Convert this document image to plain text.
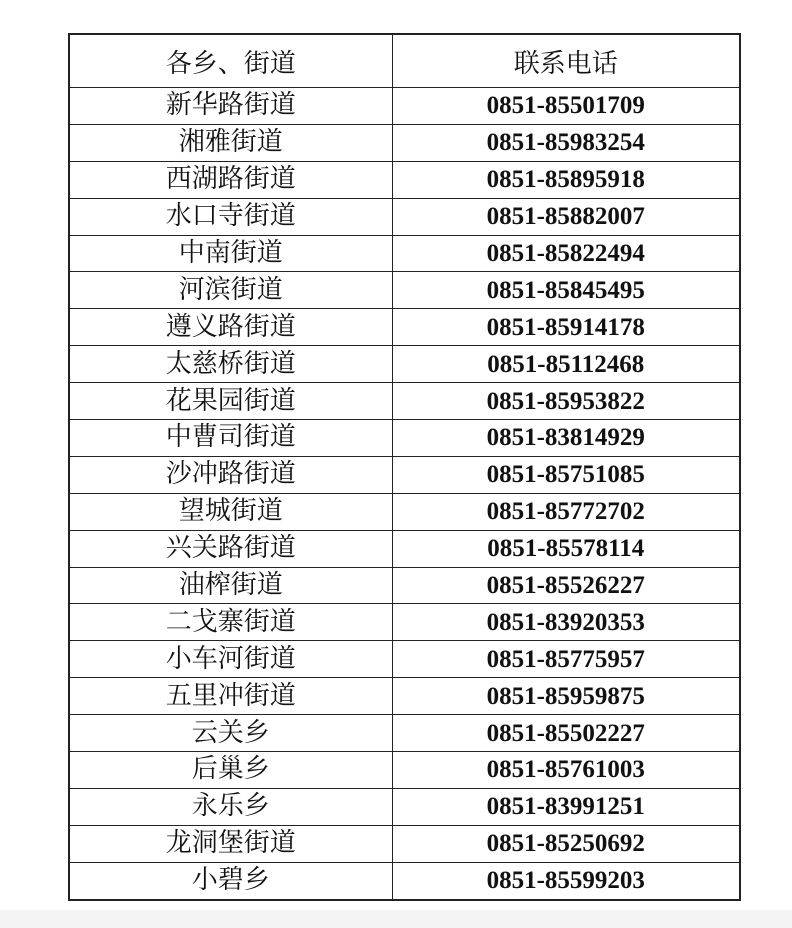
各乡、街道	联系电话
新华路街道	0851-85501709
湘雅街道	0851-85983254
西湖路街道	0851-85895918
水口寺街道	0851-85882007
中南街道	0851-85822494
河滨街道	0851-85845495
遵义路街道	0851-85914178
太慈桥街道	0851-85112468
花果园街道	0851-85953822
中曹司街道	0851-83814929
沙冲路街道	0851-85751085
望城街道	0851-85772702
兴关路街道	0851-85578114
油榨街道	0851-85526227
二戈寨街道	0851-83920353
小车河街道	0851-85775957
五里冲街道	0851-85959875
云关乡	0851-85502227
后巢乡	0851-85761003
永乐乡	0851-83991251
龙洞堡街道	0851-85250692
小碧乡	0851-85599203
